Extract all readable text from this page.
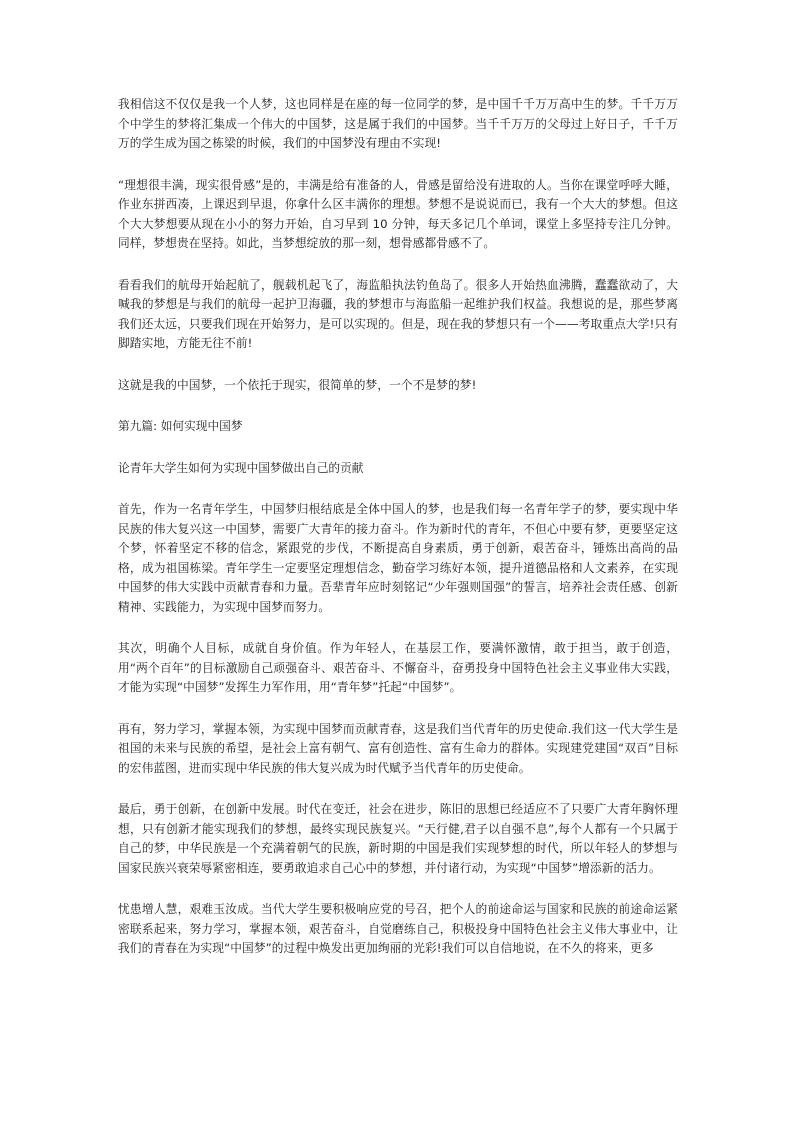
我相信这不仅仅是我一个人梦，这也同样是在座的每一位同学的梦，是中国千千万万高中生的梦。千千万万个中学生的梦将汇集成一个伟大的中国梦，这是属于我们的中国梦。当千千万万的父母过上好日子，千千万万的学生成为国之栋梁的时候，我们的中国梦没有理由不实现!

“理想很丰满，现实很骨感”是的，丰满是给有准备的人，骨感是留给没有进取的人。当你在课堂呼呼大睡，作业东拼西凑，上课迟到早退，你拿什么区丰满你的理想。梦想不是说说而已，我有一个大大的梦想。但这个大大梦想要从现在小小的努力开始，自习早到 10 分钟，每天多记几个单词，课堂上多坚持专注几分钟。同样，梦想贵在坚持。如此，当梦想绽放的那一刻，想骨感都骨感不了。

看看我们的航母开始起航了，舰载机起飞了，海监船执法钓鱼岛了。很多人开始热血沸腾，蠢蠢欲动了，大喊我的梦想是与我们的航母一起护卫海疆，我的梦想市与海监船一起维护我们权益。我想说的是，那些梦离我们还太远，只要我们现在开始努力，是可以实现的。但是，现在我的梦想只有一个——考取重点大学!只有脚踏实地，方能无往不前!

这就是我的中国梦，一个依托于现实，很简单的梦，一个不是梦的梦!

第九篇: 如何实现中国梦

论青年大学生如何为实现中国梦做出自己的贡献

首先，作为一名青年学生，中国梦归根结底是全体中国人的梦，也是我们每一名青年学子的梦，要实现中华民族的伟大复兴这一中国梦，需要广大青年的接力奋斗。作为新时代的青年，不但心中要有梦，更要坚定这个梦，怀着坚定不移的信念，紧跟党的步伐，不断提高自身素质，勇于创新，艰苦奋斗，锤炼出高尚的品格，成为祖国栋梁。青年学生一定要坚定理想信念，勤奋学习练好本领，提升道德品格和人文素养，在实现中国梦的伟大实践中贡献青春和力量。吾辈青年应时刻铭记“少年强则国强”的誓言，培养社会责任感、创新精神、实践能力，为实现中国梦而努力。

其次，明确个人目标，成就自身价值。作为年轻人，在基层工作，要满怀激情，敢于担当，敢于创造，用“两个百年”的目标激励自己顽强奋斗、艰苦奋斗、不懈奋斗，奋勇投身中国特色社会主义事业伟大实践，才能为实现“中国梦”发挥生力军作用，用“青年梦”托起“中国梦”。

再有，努力学习，掌握本领，为实现中国梦而贡献青春，这是我们当代青年的历史使命.我们这一代大学生是祖国的未来与民族的希望，是社会上富有朝气、富有创造性、富有生命力的群体。实现建党建国“双百”目标的宏伟蓝图，进而实现中华民族的伟大复兴成为时代赋予当代青年的历史使命。

最后，勇于创新，在创新中发展。时代在变迁，社会在进步，陈旧的思想已经适应不了只要广大青年胸怀理想，只有创新才能实现我们的梦想，最终实现民族复兴。“天行健,君子以自强不息”,每个人都有一个只属于自己的梦，中华民族是一个充满着朝气的民族，新时期的中国是我们实现梦想的时代，所以年轻人的梦想与国家民族兴衰荣辱紧密相连，要勇敢追求自己心中的梦想，并付诸行动，为实现“中国梦”增添新的活力。

忧患增人慧，艰难玉汝成。当代大学生要积极响应党的号召，把个人的前途命运与国家和民族的前途命运紧密联系起来，努力学习，掌握本领，艰苦奋斗，自觉磨练自己，积极投身中国特色社会主义伟大事业中，让我们的青春在为实现“中国梦”的过程中焕发出更加绚丽的光彩!我们可以自信地说，在不久的将来，更多
